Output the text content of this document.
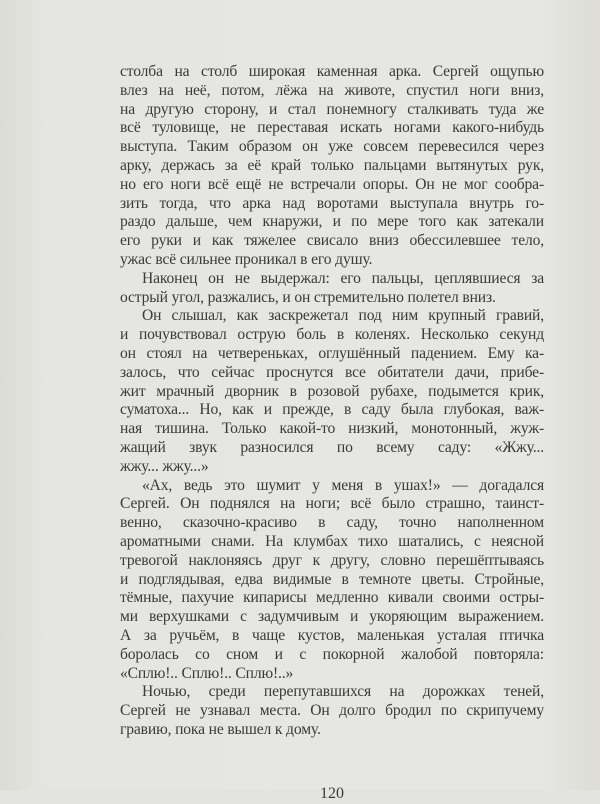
столба на столб широкая каменная арка. Сергей ощупью
влез на неё, потом, лёжа на животе, спустил ноги вниз,
на другую сторону, и стал понемногу сталкивать туда же
всё туловище, не переставая искать ногами какого-нибудь
выступа. Таким образом он уже совсем перевесился через
арку, держась за её край только пальцами вытянутых рук,
но его ноги всё ещё не встречали опоры. Он не мог сообра-
зить тогда, что арка над воротами выступала внутрь го-
раздо дальше, чем кнаружи, и по мере того как затекали
его руки и как тяжелее свисало вниз обессилевшее тело,
ужас всё сильнее проникал в его душу.
Наконец он не выдержал: его пальцы, цеплявшиеся за
острый угол, разжались, и он стремительно полетел вниз.
Он слышал, как заскрежетал под ним крупный гравий,
и почувствовал острую боль в коленях. Несколько секунд
он стоял на четвереньках, оглушённый падением. Ему ка-
залось, что сейчас проснутся все обитатели дачи, прибе-
жит мрачный дворник в розовой рубахе, подымется крик,
суматоха... Но, как и прежде, в саду была глубокая, важ-
ная тишина. Только какой-то низкий, монотонный, жуж-
жащий звук разносился по всему саду: «Жжу...
жжу... жжу...»
«Ах, ведь это шумит у меня в ушах!» — догадался
Сергей. Он поднялся на ноги; всё было страшно, таинст-
венно, сказочно-красиво в саду, точно наполненном
ароматными снами. На клумбах тихо шатались, с неясной
тревогой наклоняясь друг к другу, словно перешёптываясь
и подглядывая, едва видимые в темноте цветы. Стройные,
тёмные, пахучие кипарисы медленно кивали своими остры-
ми верхушками с задумчивым и укоряющим выражением.
А за ручьём, в чаще кустов, маленькая усталая птичка
боролась со сном и с покорной жалобой повторяла:
«Сплю!.. Сплю!.. Сплю!..»
Ночью, среди перепутавшихся на дорожках теней,
Сергей не узнавал места. Он долго бродил по скрипучему
гравию, пока не вышел к дому.
120
